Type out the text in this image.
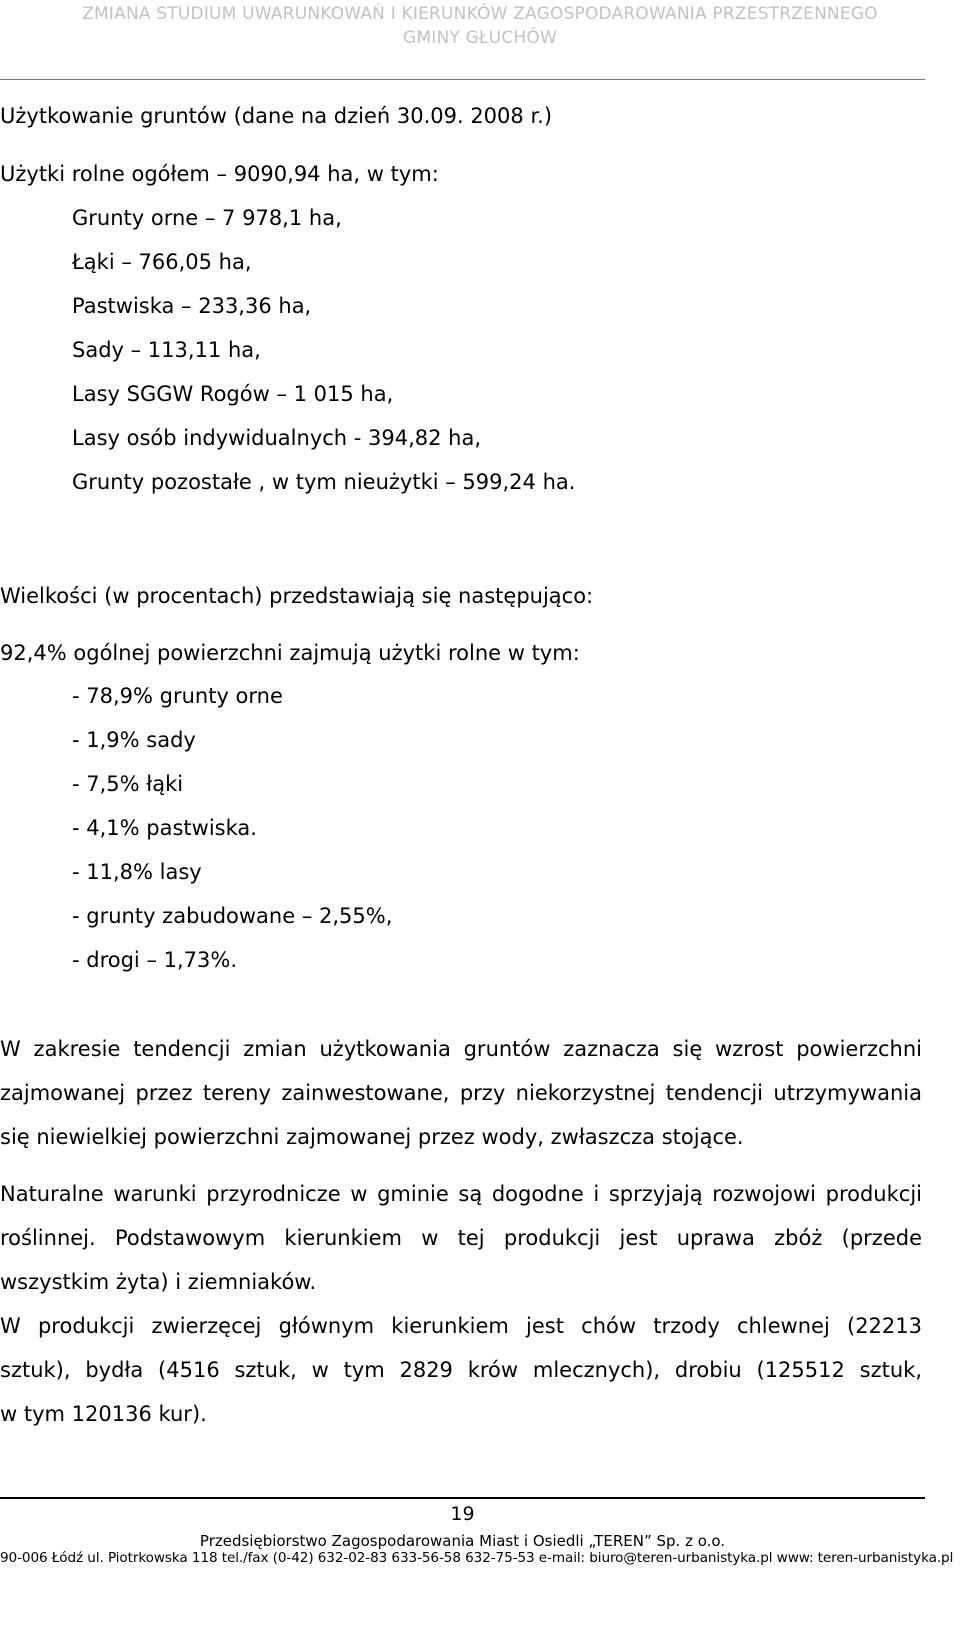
ZMIANA STUDIUM UWARUNKOWAŃ I KIERUNKÓW ZAGOSPODAROWANIA PRZESTRZENNEGO
GMINY GŁUCHÓW
Użytkowanie gruntów (dane na dzień 30.09. 2008 r.)
Użytki rolne ogółem – 9090,94 ha, w tym:
Grunty orne – 7 978,1 ha,
Łąki – 766,05 ha,
Pastwiska – 233,36 ha,
Sady – 113,11 ha,
Lasy SGGW Rogów – 1 015 ha,
Lasy osób indywidualnych - 394,82 ha,
Grunty pozostałe , w tym nieużytki – 599,24 ha.
Wielkości (w procentach) przedstawiają się następująco:
92,4% ogólnej powierzchni zajmują użytki rolne w tym:
- 78,9% grunty orne
- 1,9% sady
- 7,5% łąki
- 4,1% pastwiska.
- 11,8% lasy
- grunty zabudowane – 2,55%,
- drogi – 1,73%.
W zakresie tendencji zmian użytkowania gruntów zaznacza się wzrost powierzchni
zajmowanej przez tereny zainwestowane, przy niekorzystnej tendencji utrzymywania
się niewielkiej powierzchni zajmowanej przez wody, zwłaszcza stojące.
Naturalne warunki przyrodnicze w gminie są dogodne i sprzyjają rozwojowi produkcji
roślinnej. Podstawowym kierunkiem w tej produkcji jest uprawa zbóż (przede
wszystkim żyta) i ziemniaków.
W produkcji zwierzęcej głównym kierunkiem jest chów trzody chlewnej (22213
sztuk), bydła (4516 sztuk, w tym 2829 krów mlecznych), drobiu (125512 sztuk,
w tym 120136 kur).
19
Przedsiębiorstwo Zagospodarowania Miast i Osiedli „TEREN” Sp. z o.o.
90-006 Łódź ul. Piotrkowska 118 tel./fax (0-42) 632-02-83 633-56-58 632-75-53 e-mail: biuro@teren-urbanistyka.pl www: teren-urbanistyka.pl
